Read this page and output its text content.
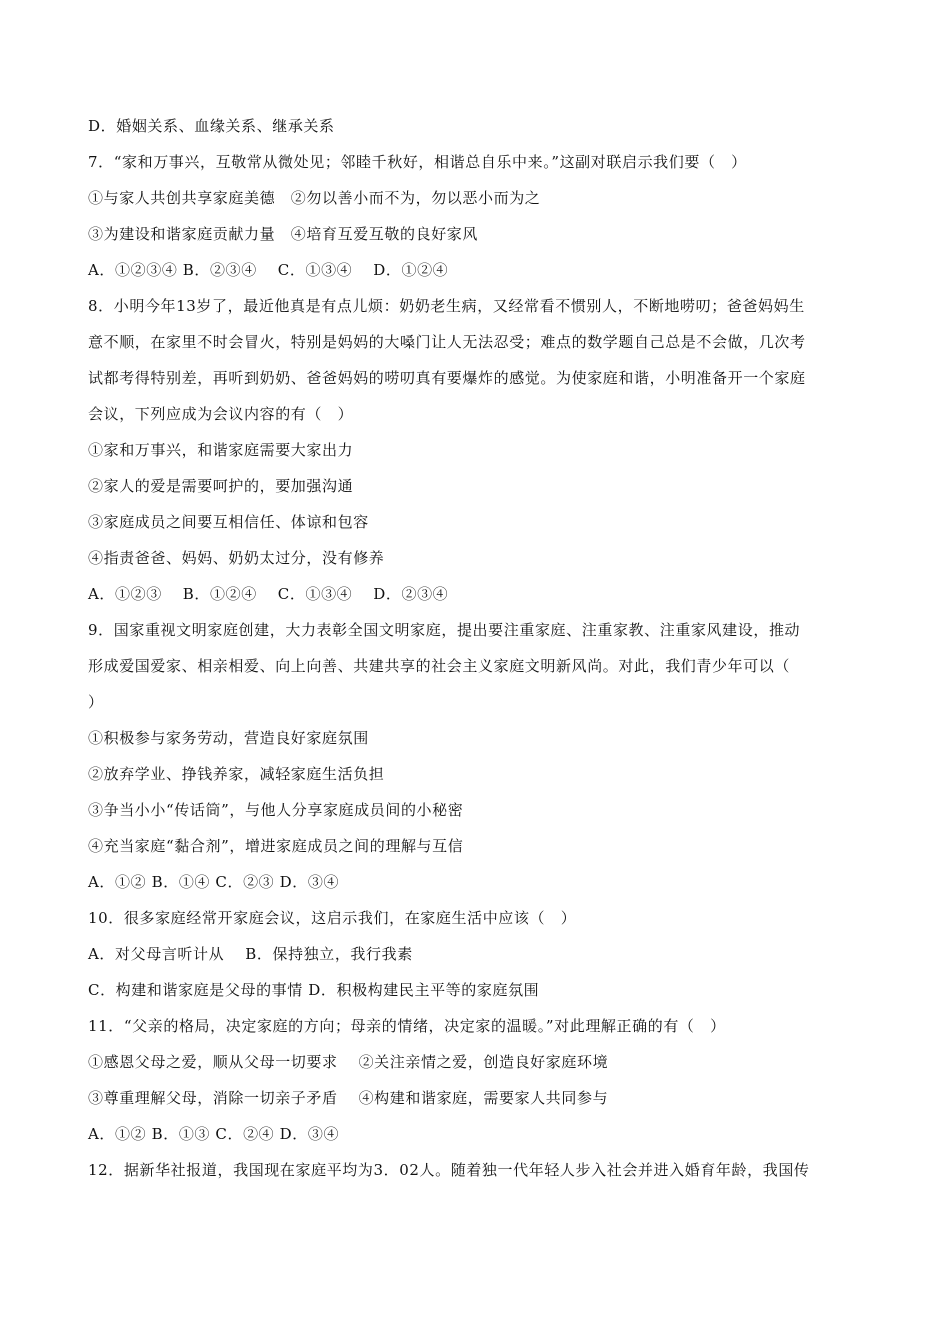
D．婚姻关系、血缘关系、继承关系
7．“家和万事兴，互敬常从微处见；邻睦千秋好，相谐总自乐中来。”这副对联启示我们要（　）
①与家人共创共享家庭美德　②勿以善小而不为，勿以恶小而为之
③为建设和谐家庭贡献力量　④培育互爱互敬的良好家风
A．①②③④ B．②③④　 C．①③④　 D．①②④
8．小明今年13岁了，最近他真是有点儿烦：奶奶老生病，又经常看不惯别人，不断地唠叨；爸爸妈妈生
意不顺，在家里不时会冒火，特别是妈妈的大嗓门让人无法忍受；难点的数学题自己总是不会做，几次考
试都考得特别差，再听到奶奶、爸爸妈妈的唠叨真有要爆炸的感觉。为使家庭和谐，小明准备开一个家庭
会议，下列应成为会议内容的有（　）
①家和万事兴，和谐家庭需要大家出力
②家人的爱是需要呵护的，要加强沟通
③家庭成员之间要互相信任、体谅和包容
④指责爸爸、妈妈、奶奶太过分，没有修养
A．①②③　 B．①②④　 C．①③④　 D．②③④
9．国家重视文明家庭创建，大力表彰全国文明家庭，提出要注重家庭、注重家教、注重家风建设，推动
形成爱国爱家、相亲相爱、向上向善、共建共享的社会主义家庭文明新风尚。对此，我们青少年可以（
）
①积极参与家务劳动，营造良好家庭氛围
②放弃学业、挣钱养家，减轻家庭生活负担
③争当小小“传话筒”，与他人分享家庭成员间的小秘密
④充当家庭“黏合剂”，增进家庭成员之间的理解与互信
A．①② B．①④ C．②③ D．③④
10．很多家庭经常开家庭会议，这启示我们，在家庭生活中应该（　）
A．对父母言听计从　 B．保持独立，我行我素
C．构建和谐家庭是父母的事情 D．积极构建民主平等的家庭氛围
11．“父亲的格局，决定家庭的方向；母亲的情绪，决定家的温暖。”对此理解正确的有（　）
①感恩父母之爱，顺从父母一切要求　 ②关注亲情之爱，创造良好家庭环境
③尊重理解父母，消除一切亲子矛盾　 ④构建和谐家庭，需要家人共同参与
A．①② B．①③ C．②④ D．③④
12．据新华社报道，我国现在家庭平均为3．02人。随着独一代年轻人步入社会并进入婚育年龄，我国传
